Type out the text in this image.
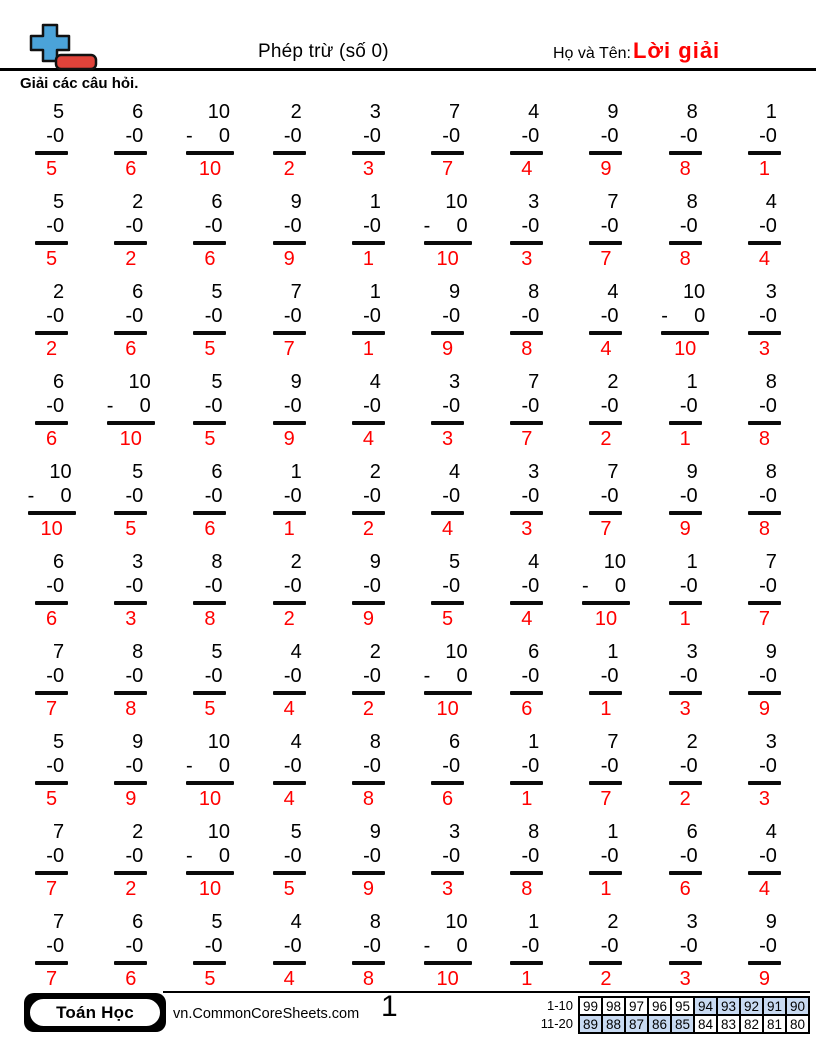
Phép trừ (số 0)	Họ và Tên: Lời giải
Giải các câu hỏi.
5
-0
5
6
-0
6
10
- 0
10
2
-0
2
3
-0
3
7
-0
7
4
-0
4
9
-0
9
8
-0
8
1
-0
1
5
-0
5
2
-0
2
6
-0
6
9
-0
9
1
-0
1
10
- 0
10
3
-0
3
7
-0
7
8
-0
8
4
-0
4
2
-0
2
6
-0
6
5
-0
5
7
-0
7
1
-0
1
9
-0
9
8
-0
8
4
-0
4
10
- 0
10
3
-0
3
6
-0
6
10
- 0
10
5
-0
5
9
-0
9
4
-0
4
3
-0
3
7
-0
7
2
-0
2
1
-0
1
8
-0
8
10
- 0
10
5
-0
5
6
-0
6
1
-0
1
2
-0
2
4
-0
4
3
-0
3
7
-0
7
9
-0
9
8
-0
8
6
-0
6
3
-0
3
8
-0
8
2
-0
2
9
-0
9
5
-0
5
4
-0
4
10
- 0
10
1
-0
1
7
-0
7
7
-0
7
8
-0
8
5
-0
5
4
-0
4
2
-0
2
10
- 0
10
6
-0
6
1
-0
1
3
-0
3
9
-0
9
5
-0
5
9
-0
9
10
- 0
10
4
-0
4
8
-0
8
6
-0
6
1
-0
1
7
-0
7
2
-0
2
3
-0
3
7
-0
7
2
-0
2
10
- 0
10
5
-0
5
9
-0
9
3
-0
3
8
-0
8
1
-0
1
6
-0
6
4
-0
4
7
-0
7
6
-0
6
5
-0
5
4
-0
4
8
-0
8
10
- 0
10
1
-0
1
2
-0
2
3
-0
3
9
-0
9
Toán Học	vn.CommonCoreSheets.com 1	1-10 99 98 97 96 95 94 93 92 91 90
11-20 89 88 87 86 85 84 83 82 81 80
